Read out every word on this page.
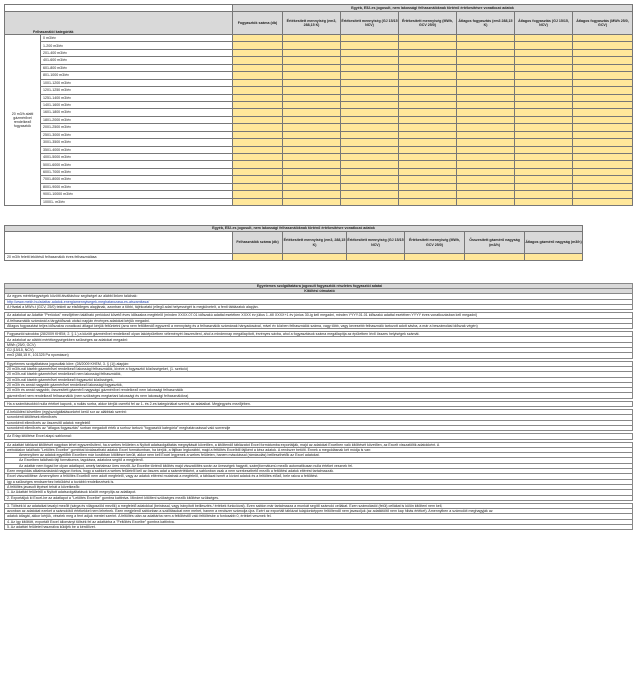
		Egyéb, E52-es jogosult, nem lakossági felhasználóknak történő értékesítésre vonatkozó adatok						
Felhasználói kategóriák		Fogyasztók száma (db)	Értékesített mennyiség (em3, 288,15 K)	Értékesített mennyiség (GJ 15/15 NCV)	Értékesített mennyiség (MWh, GCV 25/0)	Átlagos fogyasztás (em3 288,15 K)	Átlagos fogyasztás (GJ 15/15, NCV)	Átlagos fogyasztás (MWh 25/0, GCV)
20 m3/h alatti gázmérővel rendelkező fogyasztók	0 m3/év							
	1-200 m3/év							
	201-400 m3/év							
	401-600 m3/év							
	601-800 m3/év							
	801-1000 m3/év							
	1001-1200 m3/év							
	1201-1250 m3/év							
	1251-1400 m3/év							
	1401-1600 m3/év							
	1601-1800 m3/év							
	1801-2000 m3/év							
	2001-2500 m3/év							
	2501-3000 m3/év							
	3001-3500 m3/év							
	3501-4000 m3/év							
	4001-5000 m3/év							
	5001-6000 m3/év							
	6001-7000 m3/év							
	7001-8000 m3/év							
	8001-9000 m3/év							
	9001-10000 m3/év							
	10001- m3/év							
Egyéb, E52-es jogosult, nem lakossági felhasználóknak történő értékesítésre vonatkozó adatok						
	Felhasználók száma (db)	Értékesített mennyiség (em3, 288,15 K)	Értékesített mennyiség (GJ 15/15 NCV)	Értékesített mennyiség (MWh, GCV 25/0)	Összesített gázmérő nagyság (m3/h)	Átlagos gázmérő nagyság (m3/h)
20 m3/h feletti lekötésű felhasználók éves felhasználása						
Egyetemes szolgáltatásra jogosult fogyasztók részletes fogyasztói adatai
Kitöltési útmutató
Az egyes mértékegységek közötti átváltáshoz segítséget az alábbi linken találnak:
http://www.mekh.hu/adattar-adatok-energiamennyisegek-meghatarozasa-es-atszamitasa/
A Hivatal a MWh-t (GCV, 25/0) tekinti az elsődleges alapjának, azonban a többi, tájékoztató jellegű adat helyességét is megkövetelt, a fenti táblázatok alapján.

Az adatokat az Adattár "Periódus" mezőjében található periódust követő éves időszakra megfelelő (minden XXXX.07.01 időszakú adattal esetében XXXX év július 1.-től XXXX+1 év június 30-ig kell megadni, minden YYYY.01.01 időszakú adattal esetében YYYY éves vonatkozásban kell megadni)
A felhasználók számánál a tárgyidőszak utolsó napján érvényes adatokat kérjük megadni.
Átlagos fogyasztást teljes időszakra vonatkozó átlagot kérjük feltüntetni (arra nem feltöltendő egyszerű a mennyiség és a felhasználók számának hányadosával, mivel év közben felhasználók száma, vagy több, vagy kevesebb felhasználó tartozott adott sávba, a már a beszámolási időszak végén)

Fogyasztói sávokba (28/2009 KHEM, 2. § 1.) a között gázmérővel rendelkező olyan lakóépületben véleményét összesíteni, ahol a mindennap megállapított, érvényes sávba, ahol a fogyasztások száma megállapítja az épületben lévő összes helyiségek számát.
Az adatokat az alábbi mértékegységekben szükséges az adatokat megadni:
MWh (25/0, GCV)
GJ (15/15, NCV)
em3 (288,15 K, 101325 Pa nyomáson)

Egyetemes szolgáltatásra jogosultak köre: (28/2009 KHEM, 3. § (1)) alapján:
20 m3/h-nál kisebb gázmérővel rendelkező lakossági felhasználók, kivéve a fogyasztói közösségeket, (1. szekció)
20 m3/h-nál kisebb gázmérővel rendelkező nem lakossági felhasználók,
20 m3/h-nál kisebb gázmérővel rendelkező fogyasztói közösségek,
20 m3/h és annál nagyobb gázmérővel rendelkező lakossági fogyasztók,
20 m3/h és annál nagyobb, összesített gázmérő nagyságú gázmérővel rendelkező nem lakossági felhasználók
gázmérővel nem rendelkező felhasználók (nem szükséges megtartani lakossági és nem lakossági felhasználókra)

Ha a számításokból nulla értéket kapunk, a nullás sorba, akkor kérjük cseréld fel az 1- és 2-es kategóriákat szerint, az adataikat. Megjegyzés mezőjében.

A beküldést követően (egy)szolgáltatásonként kerül sor az alábbiak szerint:
soronkénti kitöltések ellenőrzés
soronkénti ellenőrzés az összesítő adatok megfelelő
soronkénti ellenőrzés az "átlagos fogyasztás" sorban megadott érték a sorhoz tartozó "fogyasztói kategória" meghatározással való sorrendje

Az Érlap kitöltése Excel alapú sablonnal:

Az adattári táblázat kitöltését nagyban lehet egyszerűsíteni, ha a webes felületen a Nyitott adatszolgáltatás megnyitását követően, a kitöltendő táblázatot Excel formátumba exportálják, majd az adatokat Excelben való kitöltését követően, az Excelt visszatöltik adatokként. A
weboldalon található "Letöltés Excelbe" gombbal kiválasztható adatok Excel formátumban, ha kérjük, a fájlban legkorábbi, majd a feltöltés Excelből fájlként a kész adatok. A rendszer betölti. Ennek a megoldásnak két módja is van:
Amennyiben az adatok egyelőbb Excelben már korábban kitöltésre került, akkor nem kell Excel legyenek a webes felületen, hanem másolással (rámásolás) beilleszthetők az Excel adatokat.
Az Excelben található fájl formátumra, tagolásra, adatokra segítő a megjelenő.
Az adattár nem fogad be olyan adatlapot, amely tartalmaz üres mezőt. Az Excelbe történő kitöltés majd visszatöltés során az ürességek hagyott, szám)formátumú mezők automatikusan nulla értéket vesznek fel.
Ezen megoldás alkalmazásánál nagyon fontos, hogy a sablont a webes felületről kell az összes adat a számértékként, a sablonban csak a nem szerkeszthető mezők a feltöltési adatok eltérést tartalmazzák.
Excel visszatöltése: Amennyiben a feltöltés Excelből nem adott megfelelő, vagy az adatok eltérést mutatnak a megfelelő, a táblázat ismét a kívánt adatok és a feltöltés előző, bele rakva a feltöltést.
így a szükséges rendszerhez beküldést a további rendelkezések is.
A feltöltés javasolt lépései tehát a következők:
1. Az Adattári felületről a Nyitott adatszolgáltatások között megnyitja az adatlapot.
2. Exportáljuk ki Excel-be az adatlapot a "Letöltés Excelbe" gombra kattintva. Mindent kitölteni szükséges mezők kitöltése szükséges.

3. Töltsék ki az adataikat tavalyi mezőit (sárga és világoszöld mezők) a megfelelő adatokkal (beírással, vagy irányított beillesztés / értékek funkcióval). Ezen sablon már tartalmazza a munkát segítő számoló cellákat. Ezen számolástól (felül) cellákat is külön kitölteni nem kell,
azonban az adatokat ezeket a számolótól értékekkel nem lehetnek. Ezen megjelenő sablonban a szállításokat nem mehet, hanem a rendszer számolja újra. Ezért az exportált táblázat tulajdonképpen feltöltendő nem javasoljuk (az adatkitöltő nem kap hibás értéket). Amennyiben a számolóit meghagyják az
adatok átlagát, akkor kérjük, vésztek meg a fent adjuk mentet szerint. A feltöltés után az adattárba nem a feltöltéstől való feltöltésbe a fontosabb 0, értéket vesznek fel.
4. Az így kitöltött, exportált Excel állományt töltsék fel az adattárba a "Feltöltés Excelbe" gombra kattintva.
5. Az adattári felületet használva küldjék be a kérdőívet.
